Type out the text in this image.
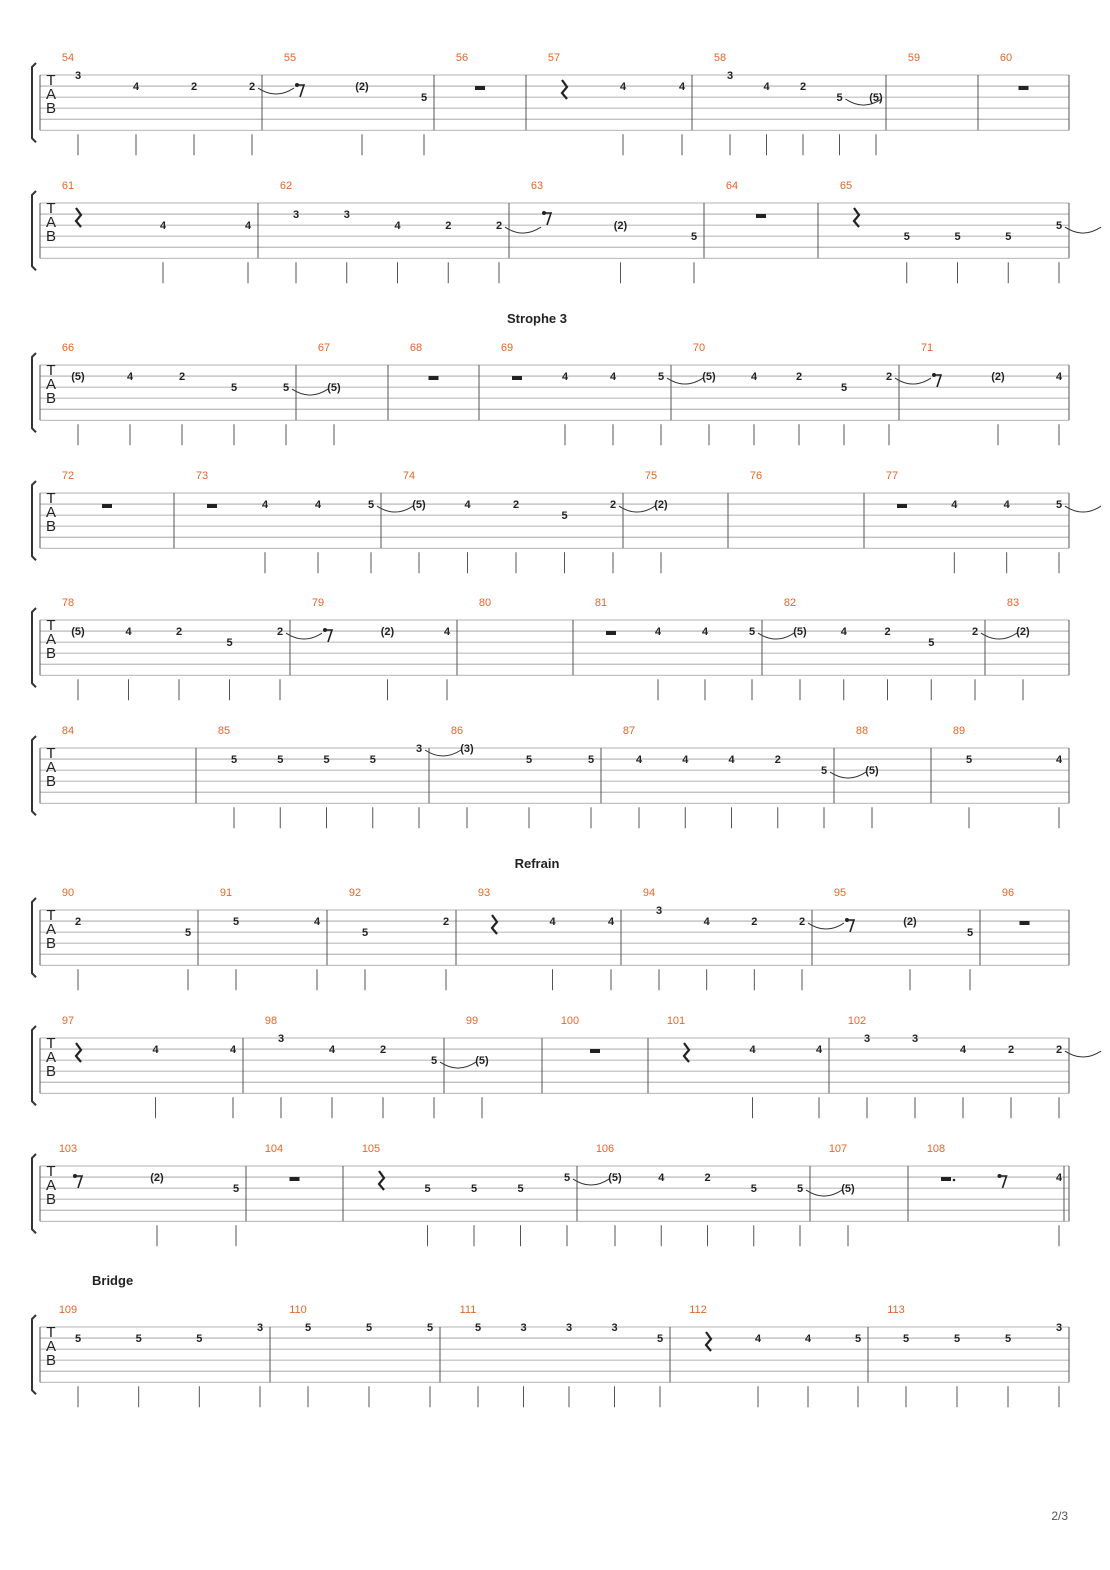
T
A
B
54
3
4	2	2
55
(2)
5
56	57
4	4
58
3
4	2
5 (5)
59	60
T
A
B
61
4	4
62
3	3
4	2	2
63
(2)
5
64	65
5	5	5
5
Strophe 3
T
A
B
66
(5)	4	2
5	5
67
(5)
68	69
4	4	5
70
(5)	4	2
5
2
71
(2)	4
T
A
B
72	73
4	4	5
74
(5)	4	2
5
2
75
(2)
76	77
4	4	5
T
A
B
78
(5)	4	2
5
2
79
(2)	4
80	81
4	4	5
82
(5)	4	2
5
2
83
(2)
T
A
B
84	85
5	5	5	5
3
86
(3)
5	5
87
4	4	4	2
5
88
(5)
89
5	4
Refrain
T
A
B
90
2
5
91
5	4
92
5
2
93
4	4
94
3
4	2	2
95
(2)
5
96
T
A
B
97
4	4
98
3
4	2
5
99
(5)
100	101
4	4
102
3	3
4	2	2
T
A
B
103
(2)
5
104	105
5	5	5
5
106
(5)	4	2
5	5
107
(5)
108
4
Bridge
T
A
B
109
5	5	5
3
110
5	5	5
111
5	3	3	3
5
112
4	4	5
113
5	5	5
3
2/3
